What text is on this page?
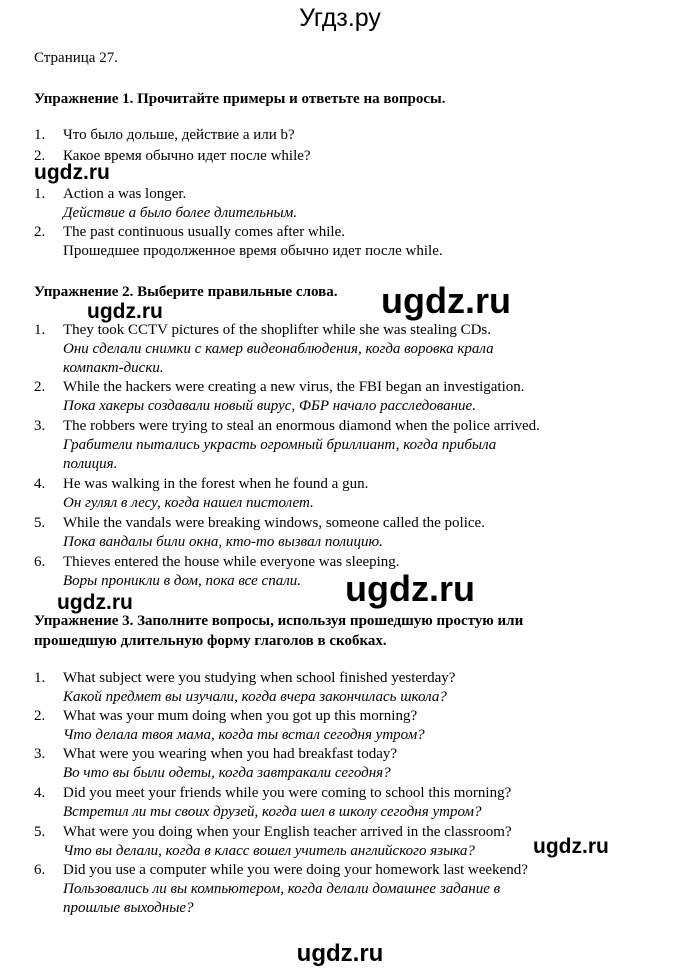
Угдз.ру
Страница 27.
Упражнение 1. Прочитайте примеры и ответьте на вопросы.
1. Что было дольше, действие a или b?
2. Какое время обычно идет после while?
ugdz.ru
1. Action a was longer.
Действие а было более длительным.
2. The past continuous usually comes after while.
Прошедшее продолженное время обычно идет после while.
Упражнение 2. Выберите правильные слова.	ugdz.ru
ugdz.ru
1. They took CCTV pictures of the shoplifter while she was stealing CDs.
Они сделали снимки с камер видеонаблюдения, когда воровка крала
компакт-диски.
2. While the hackers were creating a new virus, the FBI began an investigation.
Пока хакеры создавали новый вирус, ФБР начало расследование.
3. The robbers were trying to steal an enormous diamond when the police arrived.
Грабители пытались украсть огромный бриллиант, когда прибыла
полиция.
4. He was walking in the forest when he found a gun.
Он гулял в лесу, когда нашел пистолет.
5. While the vandals were breaking windows, someone called the police.
Пока вандалы били окна, кто-то вызвал полицию.
6. Thieves entered the house while everyone was sleeping.
Воры проникли в дом, пока все спали. ugdz.ru
ugdz.ru
Упражнение 3. Заполните вопросы, используя прошедшую простую или
прошедшую длительную форму глаголов в скобках.
1. What subject were you studying when school finished yesterday?
Какой предмет вы изучали, когда вчера закончилась школа?
2. What was your mum doing when you got up this morning?
Что делала твоя мама, когда ты встал сегодня утром?
3. What were you wearing when you had breakfast today?
Во что вы были одеты, когда завтракали сегодня?
4. Did you meet your friends while you were coming to school this morning?
Встретил ли ты своих друзей, когда шел в школу сегодня утром?
5. What were you doing when your English teacher arrived in the classroom?
Что вы делали, когда в класс вошел учитель английского языка?	ugdz.ru
6. Did you use a computer while you were doing your homework last weekend?
Пользовались ли вы компьютером, когда делали домашнее задание в
прошлые выходные?
ugdz.ru
